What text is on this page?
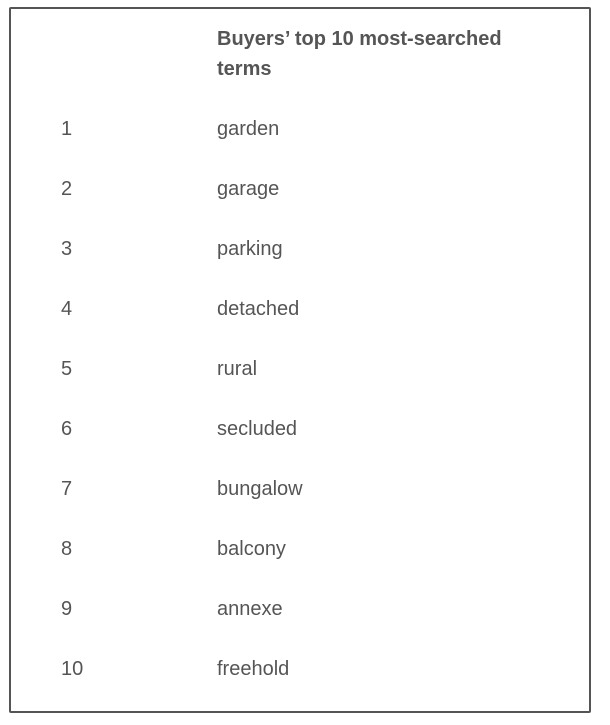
Buyers’ top 10 most-searched terms
1	garden
2	garage
3	parking
4	detached
5	rural
6	secluded
7	bungalow
8	balcony
9	annexe
10	freehold
